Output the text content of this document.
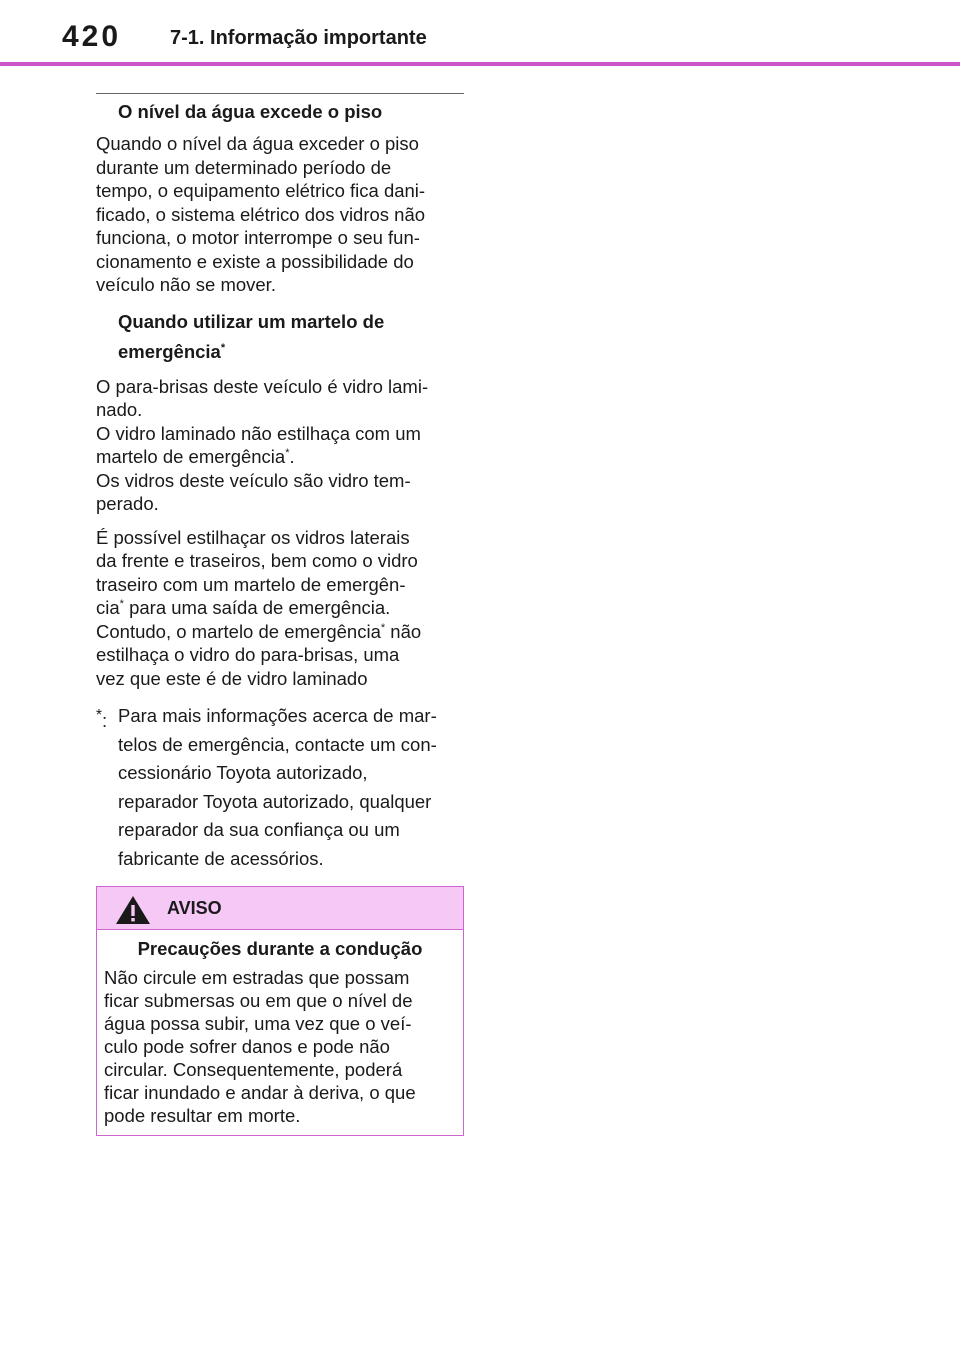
420 7-1. Informação importante
O nível da água excede o piso

Quando o nível da água exceder o piso
durante um determinado período de
tempo, o equipamento elétrico fica dani-
ficado, o sistema elétrico dos vidros não
funciona, o motor interrompe o seu fun-
cionamento e existe a possibilidade do
veículo não se mover.

Quando utilizar um martelo de
emergência*

O para-brisas deste veículo é vidro lami-
nado.
O vidro laminado não estilhaça com um
martelo de emergência*.
Os vidros deste veículo são vidro tem-
perado.

É possível estilhaçar os vidros laterais
da frente e traseiros, bem como o vidro
traseiro com um martelo de emergên-
cia* para uma saída de emergência.
Contudo, o martelo de emergência* não
estilhaça o vidro do para-brisas, uma
vez que este é de vidro laminado

*: Para mais informações acerca de mar-
telos de emergência, contacte um con-
cessionário Toyota autorizado,
reparador Toyota autorizado, qualquer
reparador da sua confiança ou um
fabricante de acessórios.
AVISO
Precauções durante a condução

Não circule em estradas que possam
ficar submersas ou em que o nível de
água possa subir, uma vez que o veí-
culo pode sofrer danos e pode não
circular. Consequentemente, poderá
ficar inundado e andar à deriva, o que
pode resultar em morte.
